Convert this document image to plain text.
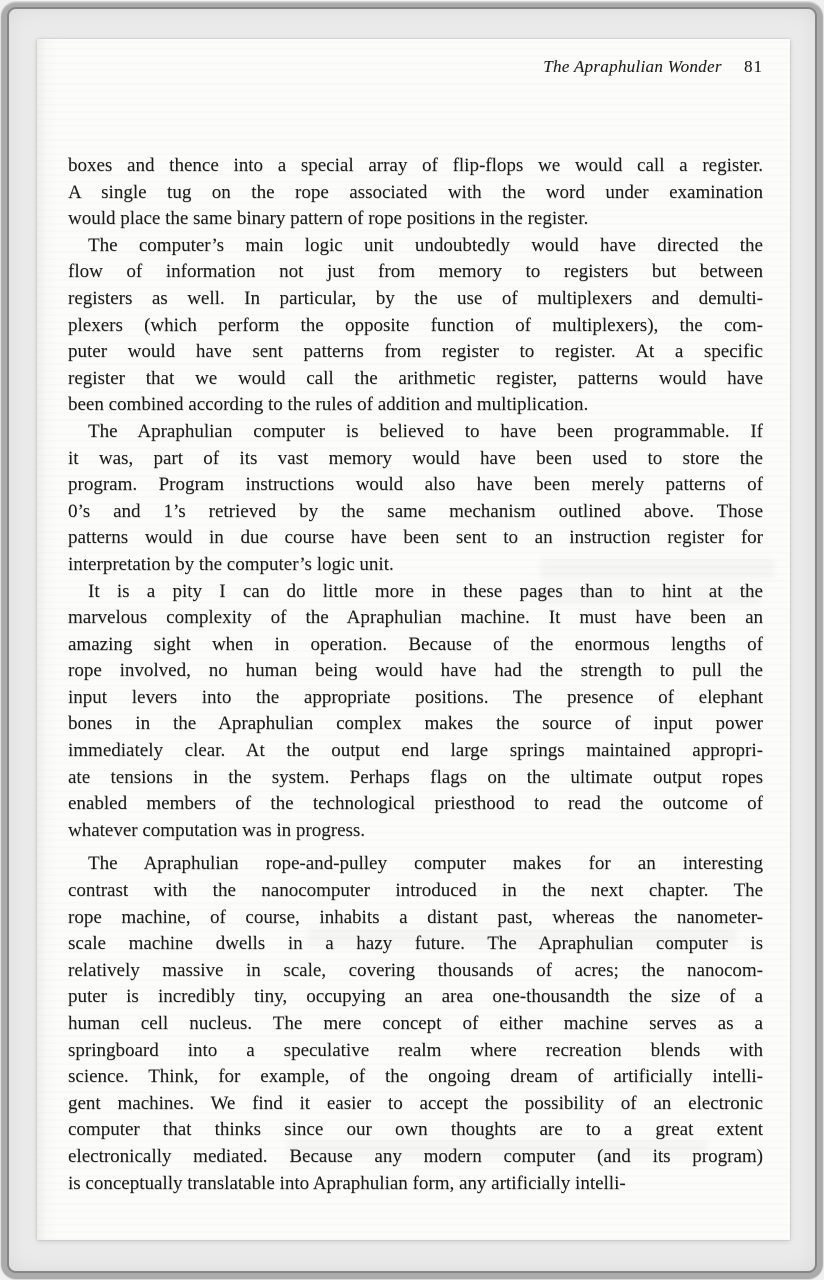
The Apraphulian Wonder 81
boxes and thence into a special array of flip-flops we would call a register.
A single tug on the rope associated with the word under examination
would place the same binary pattern of rope positions in the register.
The computer’s main logic unit undoubtedly would have directed the
flow of information not just from memory to registers but between
registers as well. In particular, by the use of multiplexers and demulti-
plexers (which perform the opposite function of multiplexers), the com-
puter would have sent patterns from register to register. At a specific
register that we would call the arithmetic register, patterns would have
been combined according to the rules of addition and multiplication.
The Apraphulian computer is believed to have been programmable. If
it was, part of its vast memory would have been used to store the
program. Program instructions would also have been merely patterns of
0’s and 1’s retrieved by the same mechanism outlined above. Those
patterns would in due course have been sent to an instruction register for
interpretation by the computer’s logic unit.
It is a pity I can do little more in these pages than to hint at the
marvelous complexity of the Apraphulian machine. It must have been an
amazing sight when in operation. Because of the enormous lengths of
rope involved, no human being would have had the strength to pull the
input levers into the appropriate positions. The presence of elephant
bones in the Apraphulian complex makes the source of input power
immediately clear. At the output end large springs maintained appropri-
ate tensions in the system. Perhaps flags on the ultimate output ropes
enabled members of the technological priesthood to read the outcome of
whatever computation was in progress.
The Apraphulian rope-and-pulley computer makes for an interesting
contrast with the nanocomputer introduced in the next chapter. The
rope machine, of course, inhabits a distant past, whereas the nanometer-
scale machine dwells in a hazy future. The Apraphulian computer is
relatively massive in scale, covering thousands of acres; the nanocom-
puter is incredibly tiny, occupying an area one-thousandth the size of a
human cell nucleus. The mere concept of either machine serves as a
springboard into a speculative realm where recreation blends with
science. Think, for example, of the ongoing dream of artificially intelli-
gent machines. We find it easier to accept the possibility of an electronic
computer that thinks since our own thoughts are to a great extent
electronically mediated. Because any modern computer (and its program)
is conceptually translatable into Apraphulian form, any artificially intelli-
